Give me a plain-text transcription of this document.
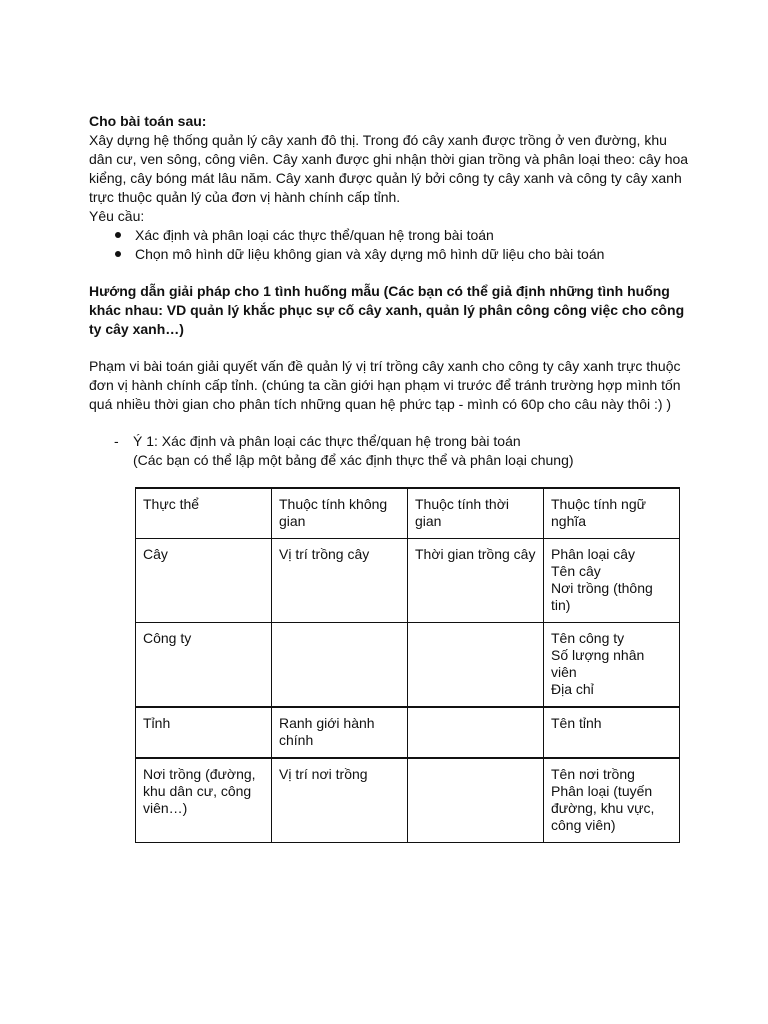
Cho bài toán sau:

Xây dựng hệ thống quản lý cây xanh đô thị. Trong đó cây xanh được trồng ở ven đường, khu dân cư, ven sông, công viên. Cây xanh được ghi nhận thời gian trồng và phân loại theo: cây hoa kiểng, cây bóng mát lâu năm. Cây xanh được quản lý bởi công ty cây xanh và công ty cây xanh trực thuộc quản lý của đơn vị hành chính cấp tỉnh.

Yêu cầu:

Xác định và phân loại các thực thể/quan hệ trong bài toán
Chọn mô hình dữ liệu không gian và xây dựng mô hình dữ liệu cho bài toán

Hướng dẫn giải pháp cho 1 tình huống mẫu (Các bạn có thể giả định những tình huống khác nhau: VD quản lý khắc phục sự cố cây xanh, quản lý phân công công việc cho công ty cây xanh…)

Phạm vi bài toán giải quyết vấn đề quản lý vị trí trồng cây xanh cho công ty cây xanh trực thuộc đơn vị hành chính cấp tỉnh. (chúng ta cần giới hạn phạm vi trước để tránh trường hợp mình tốn quá nhiều thời gian cho phân tích những quan hệ phức tạp - mình có 60p cho câu này thôi :) )

- Ý 1: Xác định và phân loại các thực thể/quan hệ trong bài toán

(Các bạn có thể lập một bảng để xác định thực thể và phân loại chung)

Thực thể	Thuộc tính không gian	Thuộc tính thời gian	Thuộc tính ngữ nghĩa
Cây	Vị trí trồng cây	Thời gian trồng cây	Phân loại cây
Tên cây
Nơi trồng (thông tin)

Công ty			Tên công ty
Số lượng nhân viên
Địa chỉ

Tỉnh	Ranh giới hành chính		Tên tỉnh

Nơi trồng (đường, khu dân cư, công viên…)	Vị trí nơi trồng		Tên nơi trồng
Phân loại (tuyến đường, khu vực, công viên)
